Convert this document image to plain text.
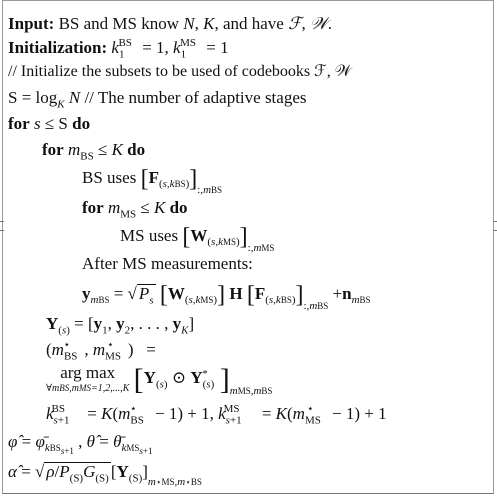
Input: BS and MS know N, K, and have ℱ, 𝒲.
Initialization: $k_1^{BS} = 1$, $k_1^{MS} = 1$
// Initialize the subsets to be used of codebooks ℱ, 𝒲
$S = \log_K N$ // The number of adaptive stages
for s ≤ S do
for $m_{BS} \le K$ do
BS uses $[F_{(s,kBS)}]_{:,mBS}$
for $m_{MS} \le K$ do
MS uses $[W_{(s,kMS)}]_{:,mMS}$
After MS measurements:
$y_{mBS}$ = √ $P_s$ $[W_{(s,kMS)}]$ H $[F_{(s,kBS)}]_{:,mBS} +n_{mBS}$
$Y_{(s)} = [y_1$, $y_2$, . . . , $y_K$]
($m_{BS}^⋆$ , $m_{MS}^⋆$ )   =
arg max
∀mBS,mMS=1,2,...,K [$Y_{(s)}$ ⊙ $Y_{(s)}^*$ ]$_{mMS,mBS}$
$k_{s+1}^{BS} = K(m_{BS}^⋆ - 1) + 1$, $k_{s+1}^{MS} = K(m_{MS}^⋆ - 1) + 1$
φ̂ = $\varphī_{kBS_{s+1}}$ , θ̂ = $\thetā_{kMS_{s+1}}$
α̂ = √ $\rho/P_{(S)}G_{(S)}$ $[Y_{(S)}]_{m⋆MS,m⋆BS}$
